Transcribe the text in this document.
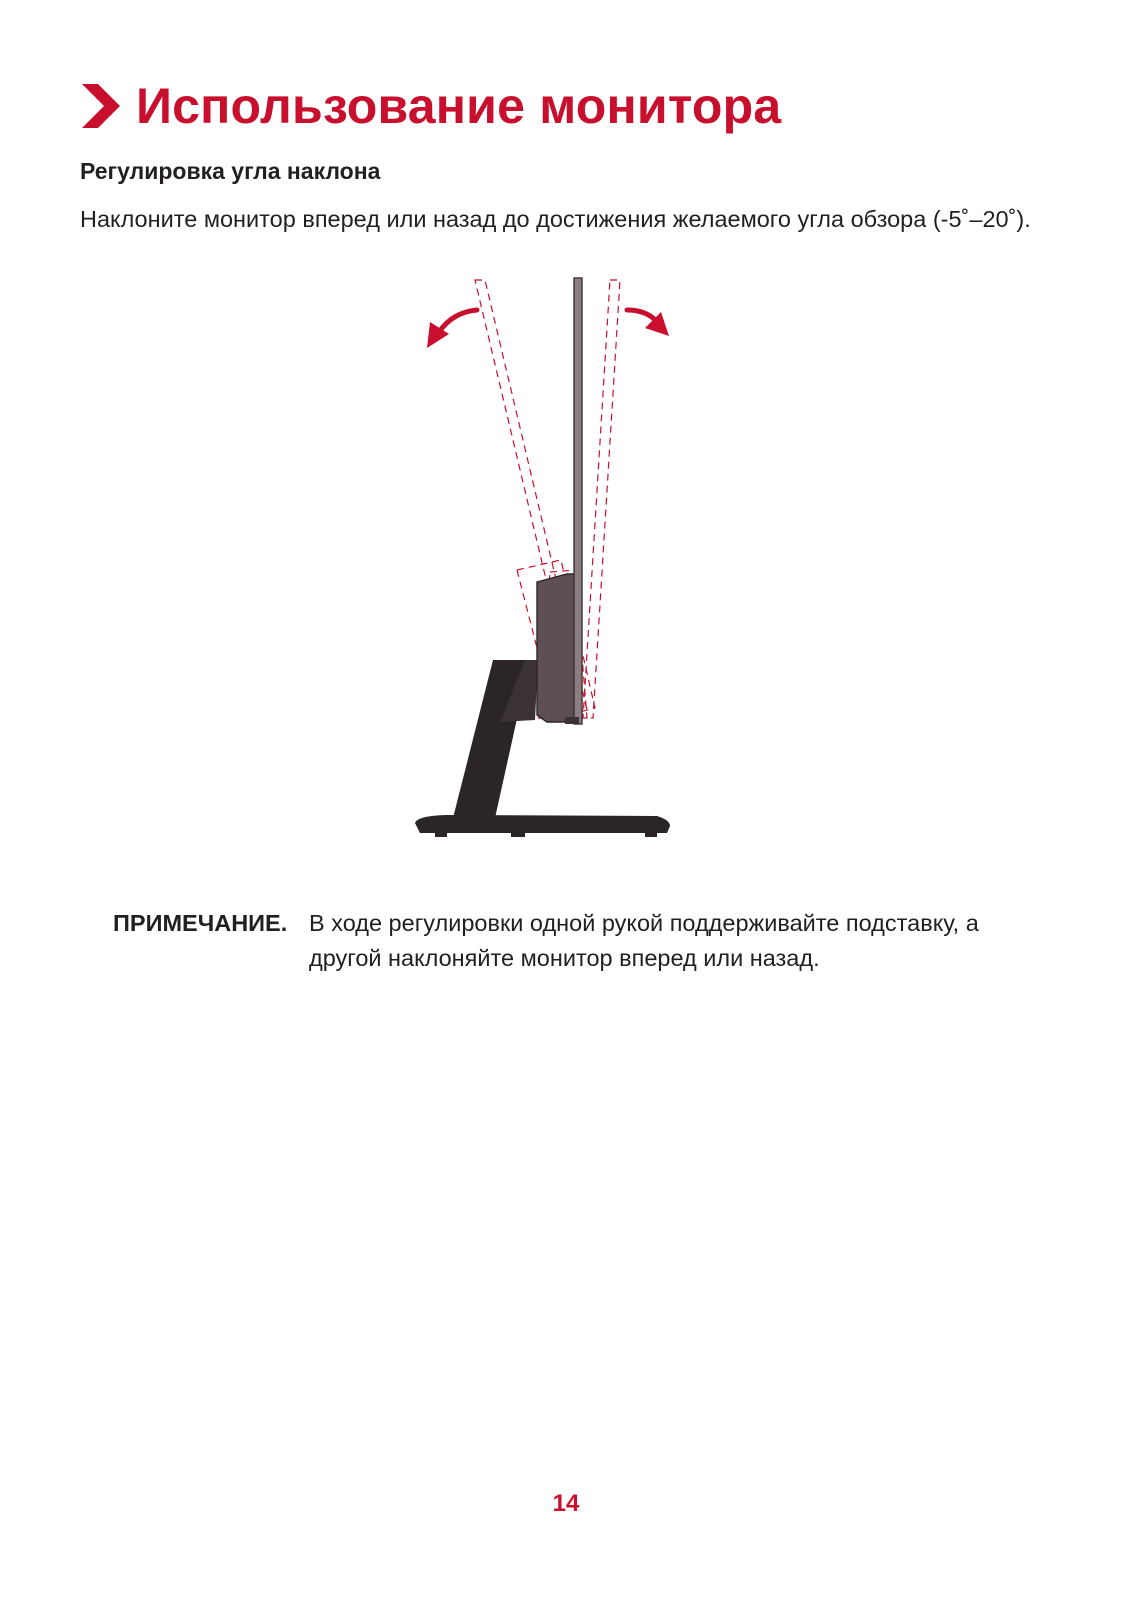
Использование монитора
Регулировка угла наклона
Наклоните монитор вперед или назад до достижения желаемого угла обзора (-5˚–20˚).
ПРИМЕЧАНИЕ. В ходе регулировки одной рукой поддерживайте подставку, а другой наклоняйте монитор вперед или назад.
14
